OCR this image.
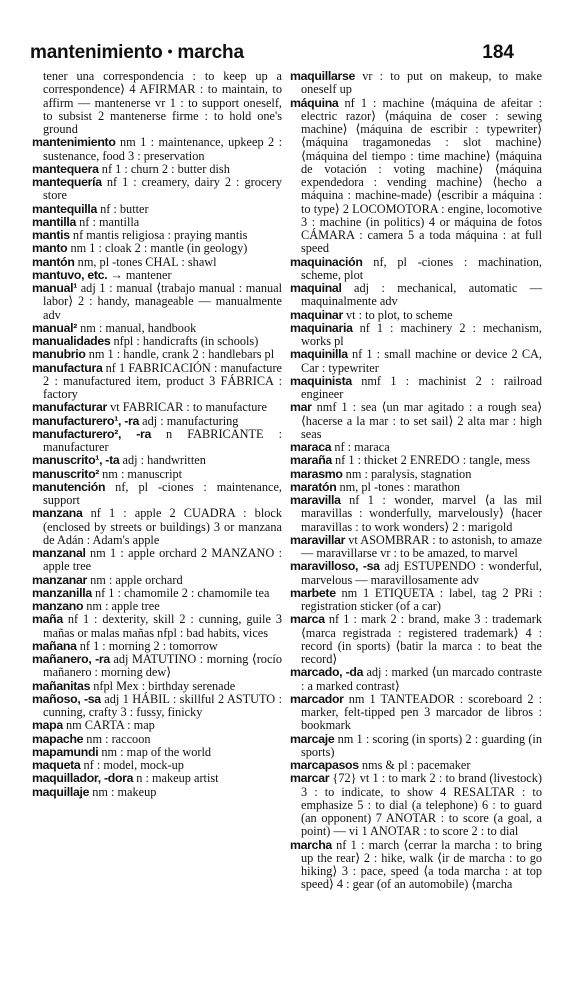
mantenimiento • marcha	184

tener una correspondencia : to keep up a correspondence⟩ 4 AFIRMAR : to maintain, to affirm — mantenerse vr 1 : to support oneself, to subsist 2 mantenerse firme : to hold one's ground

mantenimiento nm 1 : maintenance, upkeep 2 : sustenance, food 3 : preservation

mantequera nf 1 : churn 2 : butter dish

mantequería nf 1 : creamery, dairy 2 : grocery store

mantequilla nf : butter

mantilla nf : mantilla

mantis nf mantis religiosa : praying mantis

manto nm 1 : cloak 2 : mantle (in geology)

mantón nm, pl -tones CHAL : shawl

mantuvo, etc. → mantener

manual¹ adj 1 : manual ⟨trabajo manual : manual labor⟩ 2 : handy, manageable — manualmente adv

manual² nm : manual, handbook

manualidades nfpl : handicrafts (in schools)

manubrio nm 1 : handle, crank 2 : handlebars pl

manufactura nf 1 FABRICACIÓN : manufacture 2 : manufactured item, product 3 FÁBRICA : factory

manufacturar vt FABRICAR : to manufacture

manufacturero¹, -ra adj : manufacturing

manufacturero², -ra n FABRICANTE : manufacturer

manuscrito¹, -ta adj : handwritten

manuscrito² nm : manuscript

manutención nf, pl -ciones : maintenance, support

manzana nf 1 : apple 2 CUADRA : block (enclosed by streets or buildings) 3 or manzana de Adán : Adam's apple

manzanal nm 1 : apple orchard 2 MANZANO : apple tree

manzanar nm : apple orchard

manzanilla nf 1 : chamomile 2 : chamomile tea

manzano nm : apple tree

maña nf 1 : dexterity, skill 2 : cunning, guile 3 mañas or malas mañas nfpl : bad habits, vices

mañana nf 1 : morning 2 : tomorrow

mañanero, -ra adj MATUTINO : morning ⟨rocío mañanero : morning dew⟩

mañanitas nfpl Mex : birthday serenade

mañoso, -sa adj 1 HÁBIL : skillful 2 ASTUTO : cunning, crafty 3 : fussy, finicky

mapa nm CARTA : map

mapache nm : raccoon

mapamundi nm : map of the world

maqueta nf : model, mock-up

maquillador, -dora n : makeup artist

maquillaje nm : makeup

maquillarse vr : to put on makeup, to make oneself up

máquina nf 1 : machine ⟨máquina de afeitar : electric razor⟩ ⟨máquina de coser : sewing machine⟩ ⟨máquina de escribir : typewriter⟩ ⟨máquina tragamonedas : slot machine⟩ ⟨máquina del tiempo : time machine⟩ ⟨máquina de votación : voting machine⟩ ⟨máquina expendedora : vending machine⟩ ⟨hecho a máquina : machine-made⟩ ⟨escribir a máquina : to type⟩ 2 LOCOMOTORA : engine, locomotive 3 : machine (in politics) 4 or máquina de fotos CÁMARA : camera 5 a toda máquina : at full speed

maquinación nf, pl -ciones : machination, scheme, plot

maquinal adj : mechanical, automatic — maquinalmente adv

maquinar vt : to plot, to scheme

maquinaria nf 1 : machinery 2 : mechanism, works pl

maquinilla nf 1 : small machine or device 2 CA, Car : typewriter

maquinista nmf 1 : machinist 2 : railroad engineer

mar nmf 1 : sea ⟨un mar agitado : a rough sea⟩ ⟨hacerse a la mar : to set sail⟩ 2 alta mar : high seas

maraca nf : maraca

maraña nf 1 : thicket 2 ENREDO : tangle, mess

marasmo nm : paralysis, stagnation

maratón nm, pl -tones : marathon

maravilla nf 1 : wonder, marvel ⟨a las mil maravillas : wonderfully, marvelously⟩ ⟨hacer maravillas : to work wonders⟩ 2 : marigold

maravillar vt ASOMBRAR : to astonish, to amaze — maravillarse vr : to be amazed, to marvel

maravilloso, -sa adj ESTUPENDO : wonderful, marvelous — maravillosamente adv

marbete nm 1 ETIQUETA : label, tag 2 PRi : registration sticker (of a car)

marca nf 1 : mark 2 : brand, make 3 : trademark ⟨marca registrada : registered trademark⟩ 4 : record (in sports) ⟨batir la marca : to beat the record⟩

marcado, -da adj : marked ⟨un marcado contraste : a marked contrast⟩

marcador nm 1 TANTEADOR : scoreboard 2 : marker, felt-tipped pen 3 marcador de libros : bookmark

marcaje nm 1 : scoring (in sports) 2 : guarding (in sports)

marcapasos nms & pl : pacemaker

marcar {72} vt 1 : to mark 2 : to brand (livestock) 3 : to indicate, to show 4 RESALTAR : to emphasize 5 : to dial (a telephone) 6 : to guard (an opponent) 7 ANOTAR : to score (a goal, a point) — vi 1 ANOTAR : to score 2 : to dial

marcha nf 1 : march ⟨cerrar la marcha : to bring up the rear⟩ 2 : hike, walk ⟨ir de marcha : to go hiking⟩ 3 : pace, speed ⟨a toda marcha : at top speed⟩ 4 : gear (of an automobile) ⟨marcha
